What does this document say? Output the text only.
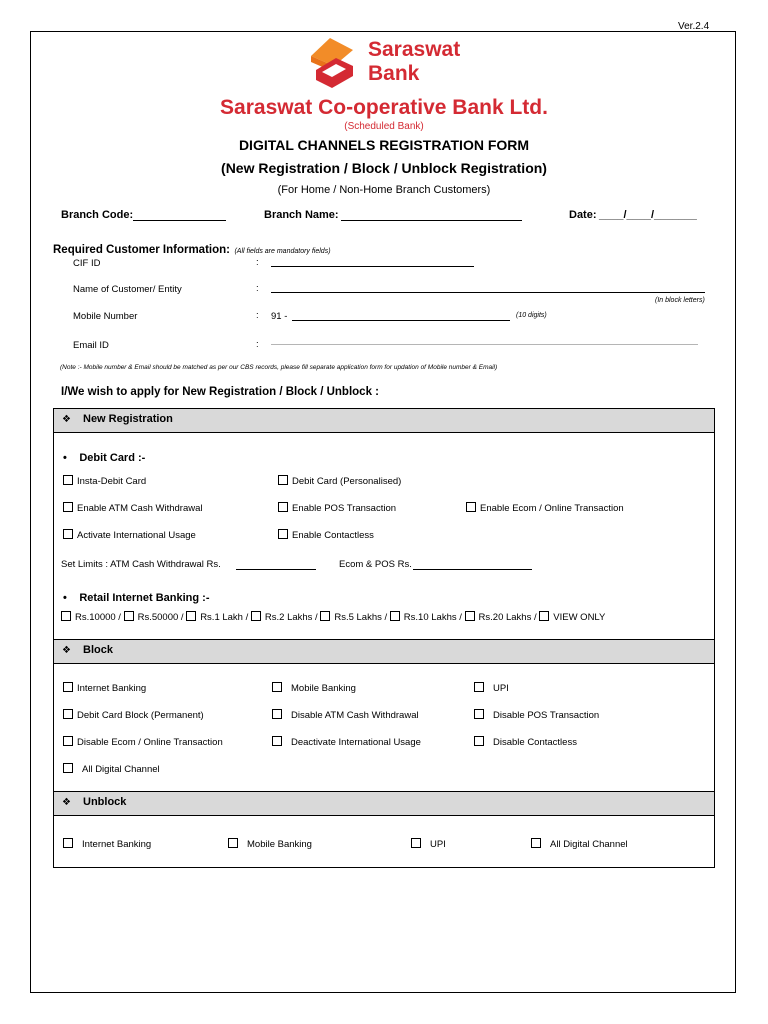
Ver.2.4
Saraswat
Bank
Saraswat Co-operative Bank Ltd.
(Scheduled Bank)
DIGITAL CHANNELS REGISTRATION FORM
(New Registration / Block / Unblock Registration)
(For Home / Non-Home Branch Customers)
Branch Code:	Branch Name:	Date: ____/____/_______
Required Customer Information: (All fields are mandatory fields)
CIF ID	:
Name of Customer/ Entity	:
(In block letters)
Mobile Number	: 91 -	(10 digits)
Email ID	:
(Note :- Mobile number & Email should be matched as per our CBS records, please fill separate application form for updation of Mobile number & Email)
I/We wish to apply for New Registration / Block / Unblock :
❖ New Registration
• Debit Card :-
Insta-Debit Card	Debit Card (Personalised)
Enable ATM Cash Withdrawal	Enable POS Transaction	Enable Ecom / Online Transaction
Activate International Usage	Enable Contactless
Set Limits : ATM Cash Withdrawal Rs.	Ecom & POS Rs.
• Retail Internet Banking :-
Rs.10000 / Rs.50000 / Rs.1 Lakh / Rs.2 Lakhs / Rs.5 Lakhs / Rs.10 Lakhs / Rs.20 Lakhs / VIEW ONLY
❖ Block
Internet Banking	Mobile Banking	UPI
Debit Card Block (Permanent)	Disable ATM Cash Withdrawal	Disable POS Transaction
Disable Ecom / Online Transaction	Deactivate International Usage	Disable Contactless
All Digital Channel
❖ Unblock
Internet Banking	Mobile Banking	UPI	All Digital Channel
